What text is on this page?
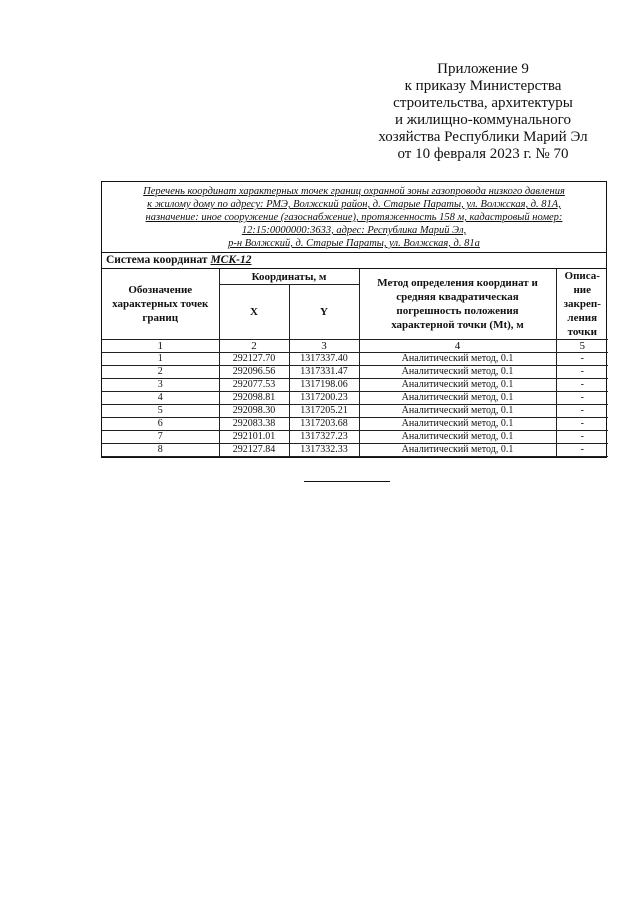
Приложение 9
к приказу Министерства
строительства, архитектуры
и жилищно-коммунального
хозяйства Республики Марий Эл
от 10 февраля 2023 г. № 70
Перечень координат характерных точек границ охранной зоны газопровода низкого давления
к жилому дому по адресу: РМЭ, Волжский район, д. Старые Параты, ул. Волжская, д. 81А,
назначение: иное сооружение (газоснабжение), протяженность 158 м, кадастровый номер:
12:15:0000000:3633, адрес: Республика Марий Эл,
р-н Волжский, д. Старые Параты, ул. Волжская, д. 81а
Система координат МСК-12
Обозначение характерных точек границ	Координаты, м		Метод определения координат и средняя квадратическая погрешность положения характерной точки (Mt), м	Описа-ние закреп-ления точки
	X	Y		
1	2	3	4	5
1	292127.70	1317337.40	Аналитический метод, 0.1	-
2	292096.56	1317331.47	Аналитический метод, 0.1	-
3	292077.53	1317198.06	Аналитический метод, 0.1	-
4	292098.81	1317200.23	Аналитический метод, 0.1	-
5	292098.30	1317205.21	Аналитический метод, 0.1	-
6	292083.38	1317203.68	Аналитический метод, 0.1	-
7	292101.01	1317327.23	Аналитический метод, 0.1	-
8	292127.84	1317332.33	Аналитический метод, 0.1	-
